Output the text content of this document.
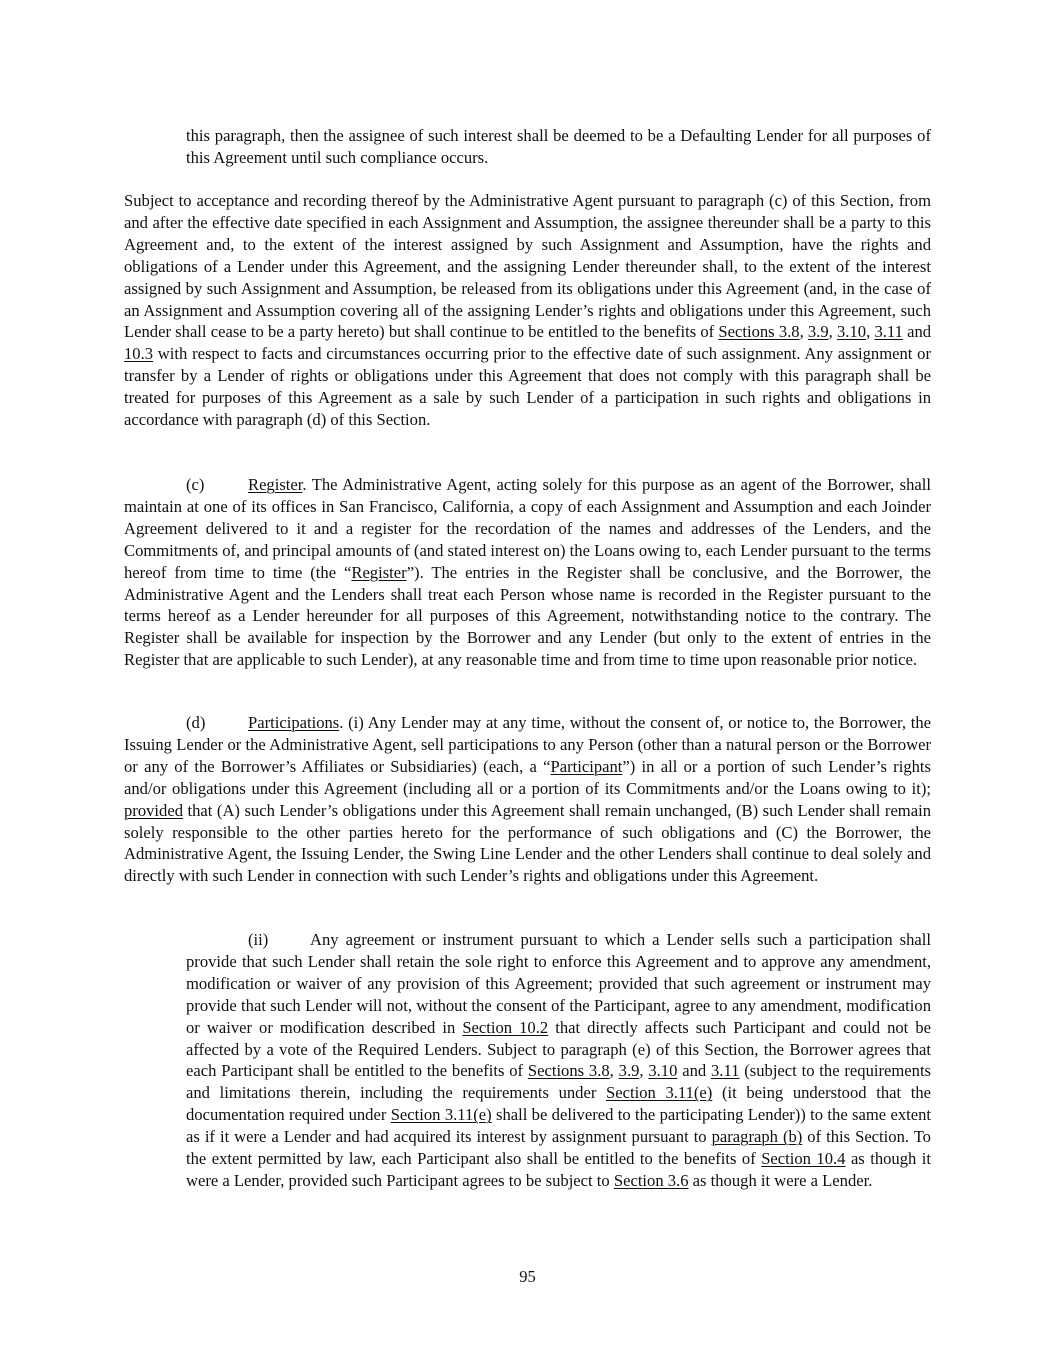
this paragraph, then the assignee of such interest shall be deemed to be a Defaulting Lender for all purposes of this Agreement until such compliance occurs.

Subject to acceptance and recording thereof by the Administrative Agent pursuant to paragraph (c) of this Section, from and after the effective date specified in each Assignment and Assumption, the assignee thereunder shall be a party to this Agreement and, to the extent of the interest assigned by such Assignment and Assumption, have the rights and obligations of a Lender under this Agreement, and the assigning Lender thereunder shall, to the extent of the interest assigned by such Assignment and Assumption, be released from its obligations under this Agreement (and, in the case of an Assignment and Assumption covering all of the assigning Lender’s rights and obligations under this Agreement, such Lender shall cease to be a party hereto) but shall continue to be entitled to the benefits of Sections 3.8, 3.9, 3.10, 3.11 and 10.3 with respect to facts and circumstances occurring prior to the effective date of such assignment. Any assignment or transfer by a Lender of rights or obligations under this Agreement that does not comply with this paragraph shall be treated for purposes of this Agreement as a sale by such Lender of a participation in such rights and obligations in accordance with paragraph (d) of this Section.

(c)	Register. The Administrative Agent, acting solely for this purpose as an agent of the Borrower, shall maintain at one of its offices in San Francisco, California, a copy of each Assignment and Assumption and each Joinder Agreement delivered to it and a register for the recordation of the names and addresses of the Lenders, and the Commitments of, and principal amounts of (and stated interest on) the Loans owing to, each Lender pursuant to the terms hereof from time to time (the “Register”). The entries in the Register shall be conclusive, and the Borrower, the Administrative Agent and the Lenders shall treat each Person whose name is recorded in the Register pursuant to the terms hereof as a Lender hereunder for all purposes of this Agreement, notwithstanding notice to the contrary. The Register shall be available for inspection by the Borrower and any Lender (but only to the extent of entries in the Register that are applicable to such Lender), at any reasonable time and from time to time upon reasonable prior notice.

(d)	Participations. (i) Any Lender may at any time, without the consent of, or notice to, the Borrower, the Issuing Lender or the Administrative Agent, sell participations to any Person (other than a natural person or the Borrower or any of the Borrower’s Affiliates or Subsidiaries) (each, a “Participant”) in all or a portion of such Lender’s rights and/or obligations under this Agreement (including all or a portion of its Commitments and/or the Loans owing to it); provided that (A) such Lender’s obligations under this Agreement shall remain unchanged, (B) such Lender shall remain solely responsible to the other parties hereto for the performance of such obligations and (C) the Borrower, the Administrative Agent, the Issuing Lender, the Swing Line Lender and the other Lenders shall continue to deal solely and directly with such Lender in connection with such Lender’s rights and obligations under this Agreement.

(ii)	Any agreement or instrument pursuant to which a Lender sells such a participation shall provide that such Lender shall retain the sole right to enforce this Agreement and to approve any amendment, modification or waiver of any provision of this Agreement; provided that such agreement or instrument may provide that such Lender will not, without the consent of the Participant, agree to any amendment, modification or waiver or modification described in Section 10.2 that directly affects such Participant and could not be affected by a vote of the Required Lenders. Subject to paragraph (e) of this Section, the Borrower agrees that each Participant shall be entitled to the benefits of Sections 3.8, 3.9, 3.10 and 3.11 (subject to the requirements and limitations therein, including the requirements under Section 3.11(e) (it being understood that the documentation required under Section 3.11(e) shall be delivered to the participating Lender)) to the same extent as if it were a Lender and had acquired its interest by assignment pursuant to paragraph (b) of this Section. To the extent permitted by law, each Participant also shall be entitled to the benefits of Section 10.4 as though it were a Lender, provided such Participant agrees to be subject to Section 3.6 as though it were a Lender.

95
